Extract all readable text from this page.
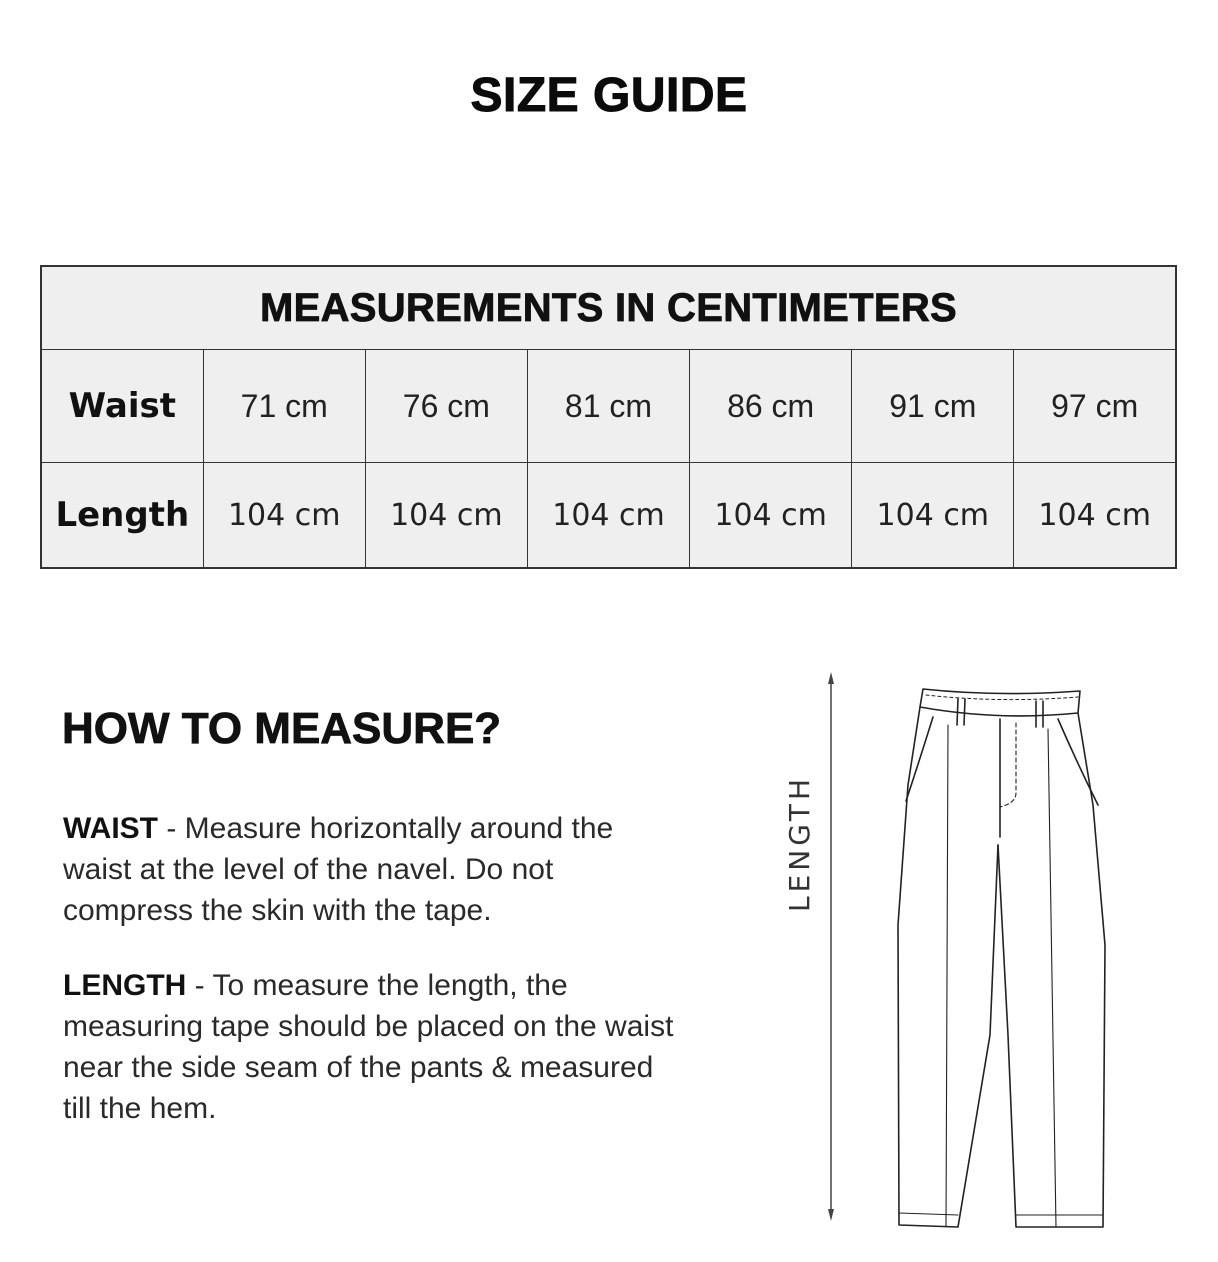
SIZE GUIDE
MEASUREMENTS IN CENTIMETERS						
Waist	71 cm	76 cm	81 cm	86 cm	91 cm	97 cm
Length	104 cm	104 cm	104 cm	104 cm	104 cm	104 cm
HOW TO MEASURE?

WAIST - Measure horizontally around the waist at the level of the navel. Do not compress the skin with the tape.

LENGTH - To measure the length, the measuring tape should be placed on the waist near the side seam of the pants & measured till the hem.

LENGTH
